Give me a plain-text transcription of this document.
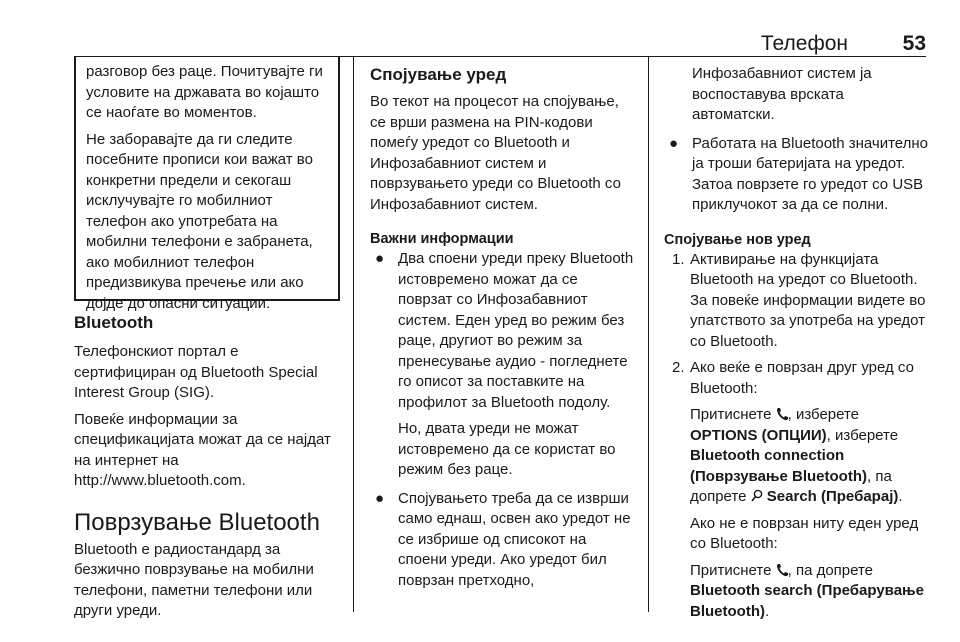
Телефон	53

разговор без раце. Почитувајте ги условите на државата во којашто се наоѓате во моментов.

Не заборавајте да ги следите посебните прописи кои важат во конкретни предели и секогаш исклучувајте го мобилниот телефон ако употребата на мобилни телефони е забранета, ако мобилниот телефон предизвикува пречење или ако дојде до опасни ситуации.

Bluetooth

Телефонскиот портал е сертифициран од Bluetooth Special Interest Group (SIG).

Повеќе информации за спецификацијата можат да се најдат на интернет на http://www.bluetooth.com.

Поврзување Bluetooth

Bluetooth е радиостандард за безжично поврзување на мобилни телефони, паметни телефони или други уреди.

Спојување уред

Во текот на процесот на спојување, се врши размена на PIN-кодови помеѓу уредот со Bluetooth и Инфозабавниот систем и поврзувањето уреди со Bluetooth со Инфозабавниот систем.

Важни информации
● Два споени уреди преку Bluetooth истовремено можат да се поврзат со Инфозабавниот систем. Еден уред во режим без раце, другиот во режим за пренесување аудио - погледнете го описот за поставките на профилот за Bluetooth подолу.

Но, двата уреди не можат истовремено да се користат во режим без раце.

● Спојувањето треба да се изврши само еднаш, освен ако уредот не се избрише од списокот на споени уреди. Ако уредот бил поврзан претходно,

Инфозабавниот систем ја воспоставува врската автоматски.

● Работата на Bluetooth значително ја троши батеријата на уредот. Затоа поврзете го уредот со USB приклучокот за да се полни.

Спојување нов уред
1. Активирање на функцијата Bluetooth на уредот со Bluetooth. За повеќе информации видете во упатството за употреба на уредот со Bluetooth.

2. Ако веќе е поврзан друг уред со Bluetooth:

Притиснете , изберете OPTIONS (ОПЦИИ), изберете Bluetooth connection (Поврзување Bluetooth), па допрете Search (Пребарај).

Ако не е поврзан ниту еден уред со Bluetooth:

Притиснете , па допрете Bluetooth search (Пребарување Bluetooth).
